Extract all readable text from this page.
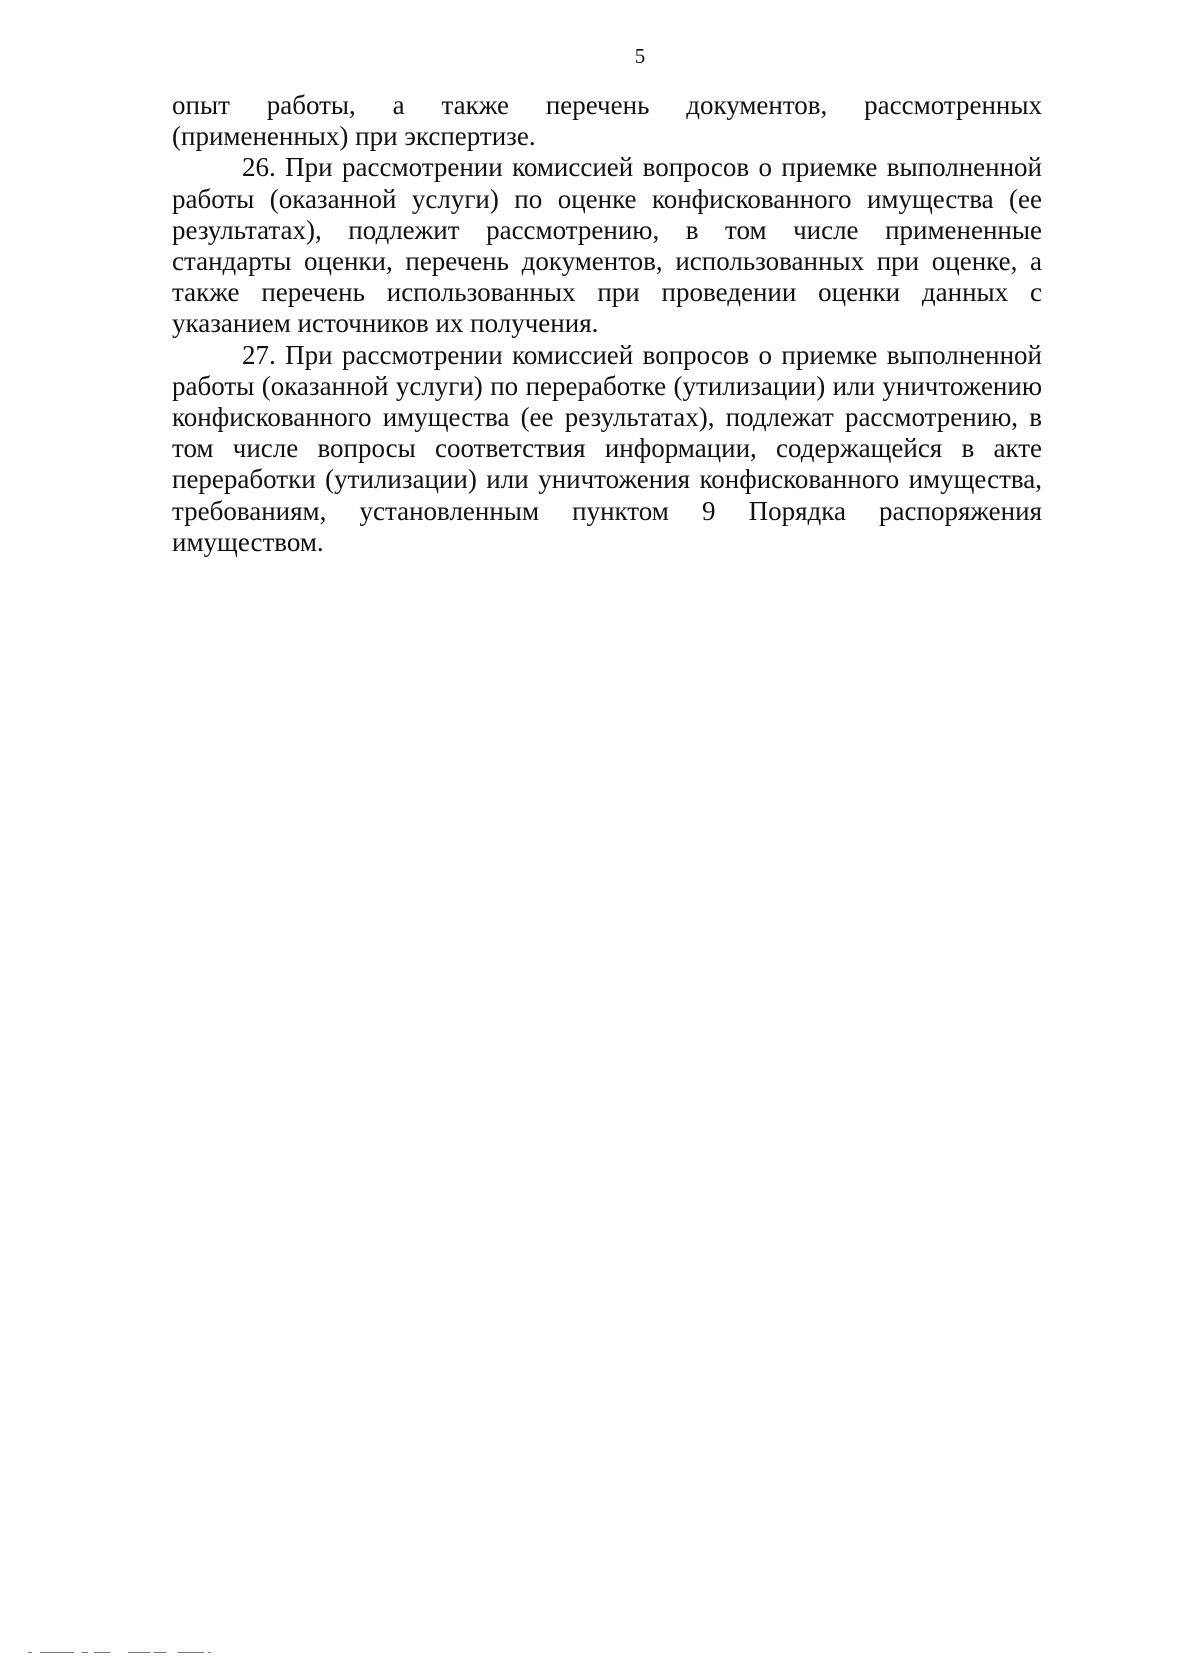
5

опыт работы, а также перечень документов, рассмотренных (примененных) при экспертизе.

26. При рассмотрении комиссией вопросов о приемке выполненной работы (оказанной услуги) по оценке конфискованного имущества (ее результатах), подлежит рассмотрению, в том числе примененные стандарты оценки, перечень документов, использованных при оценке, а также перечень использованных при проведении оценки данных с указанием источников их получения.

27. При рассмотрении комиссией вопросов о приемке выполненной работы (оказанной услуги) по переработке (утилизации) или уничтожению конфискованного имущества (ее результатах), подлежат рассмотрению, в том числе вопросы соответствия информации, содержащейся в акте переработки (утилизации) или уничтожения конфискованного имущества, требованиям, установленным пунктом 9 Порядка распоряжения имуществом.
